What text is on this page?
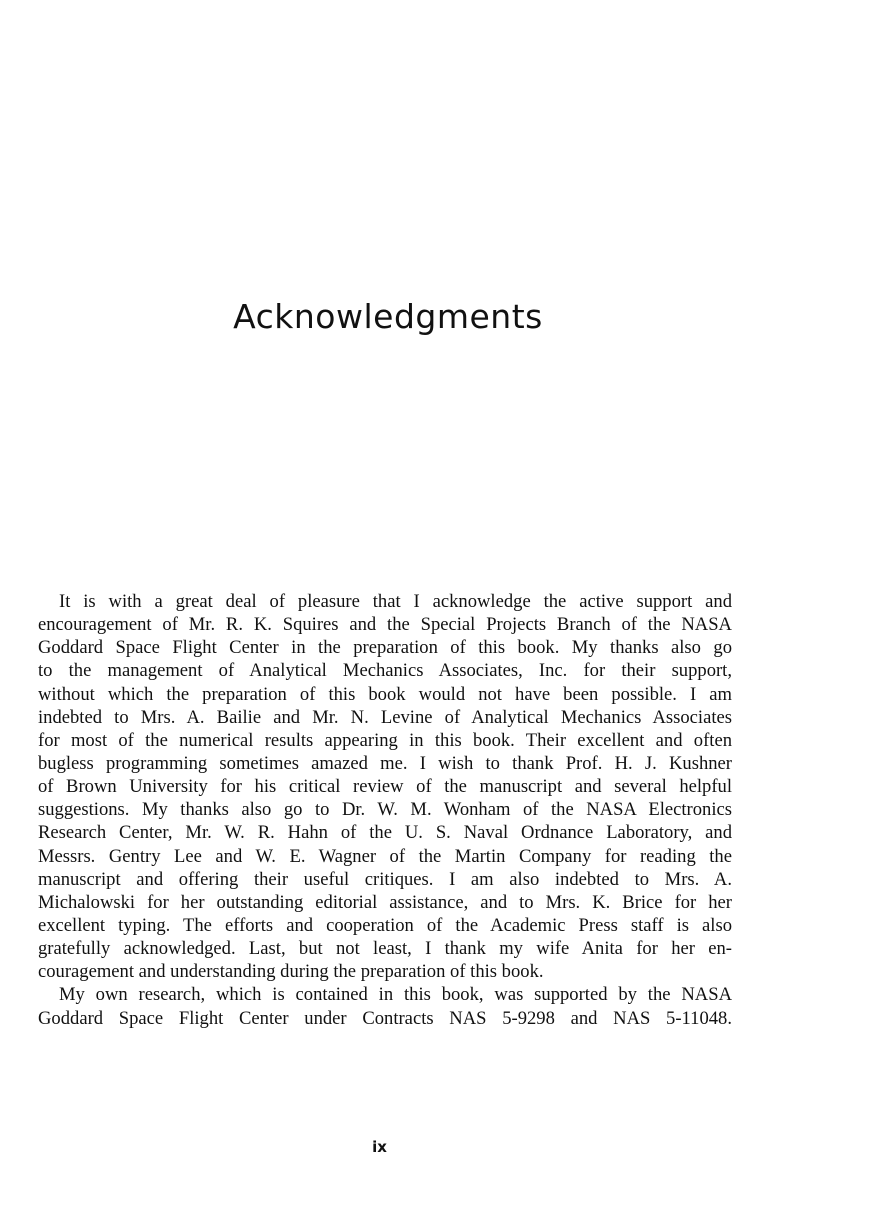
Acknowledgments
It is with a great deal of pleasure that I acknowledge the active support and
encouragement of Mr. R. K. Squires and the Special Projects Branch of the NASA
Goddard Space Flight Center in the preparation of this book. My thanks also go
to the management of Analytical Mechanics Associates, Inc. for their support,
without which the preparation of this book would not have been possible. I am
indebted to Mrs. A. Bailie and Mr. N. Levine of Analytical Mechanics Associates
for most of the numerical results appearing in this book. Their excellent and often
bugless programming sometimes amazed me. I wish to thank Prof. H. J. Kushner
of Brown University for his critical review of the manuscript and several helpful
suggestions. My thanks also go to Dr. W. M. Wonham of the NASA Electronics
Research Center, Mr. W. R. Hahn of the U. S. Naval Ordnance Laboratory, and
Messrs. Gentry Lee and W. E. Wagner of the Martin Company for reading the
manuscript and offering their useful critiques. I am also indebted to Mrs. A.
Michalowski for her outstanding editorial assistance, and to Mrs. K. Brice for her
excellent typing. The efforts and cooperation of the Academic Press staff is also
gratefully acknowledged. Last, but not least, I thank my wife Anita for her en-
couragement and understanding during the preparation of this book.
My own research, which is contained in this book, was supported by the NASA
Goddard Space Flight Center under Contracts NAS 5-9298 and NAS 5-11048.
ix
